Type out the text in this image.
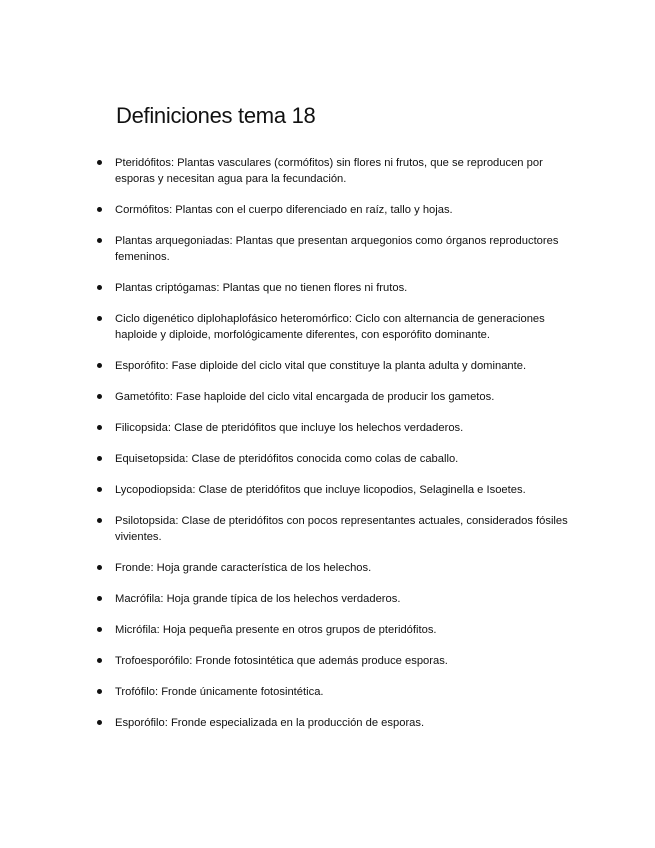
Definiciones tema 18
Pteridófitos: Plantas vasculares (cormófitos) sin flores ni frutos, que se reproducen por esporas y necesitan agua para la fecundación.
Cormófitos: Plantas con el cuerpo diferenciado en raíz, tallo y hojas.
Plantas arquegoniadas: Plantas que presentan arquegonios como órganos reproductores femeninos.
Plantas criptógamas: Plantas que no tienen flores ni frutos.
Ciclo digenético diplohaplofásico heteromórfico: Ciclo con alternancia de generaciones haploide y diploide, morfológicamente diferentes, con esporófito dominante.
Esporófito: Fase diploide del ciclo vital que constituye la planta adulta y dominante.
Gametófito: Fase haploide del ciclo vital encargada de producir los gametos.
Filicopsida: Clase de pteridófitos que incluye los helechos verdaderos.
Equisetopsida: Clase de pteridófitos conocida como colas de caballo.
Lycopodiopsida: Clase de pteridófitos que incluye licopodios, Selaginella e Isoetes.
Psilotopsida: Clase de pteridófitos con pocos representantes actuales, considerados fósiles vivientes.
Fronde: Hoja grande característica de los helechos.
Macrófila: Hoja grande típica de los helechos verdaderos.
Micrófila: Hoja pequeña presente en otros grupos de pteridófitos.
Trofoesporófilo: Fronde fotosintética que además produce esporas.
Trofófilo: Fronde únicamente fotosintética.
Esporófilo: Fronde especializada en la producción de esporas.
